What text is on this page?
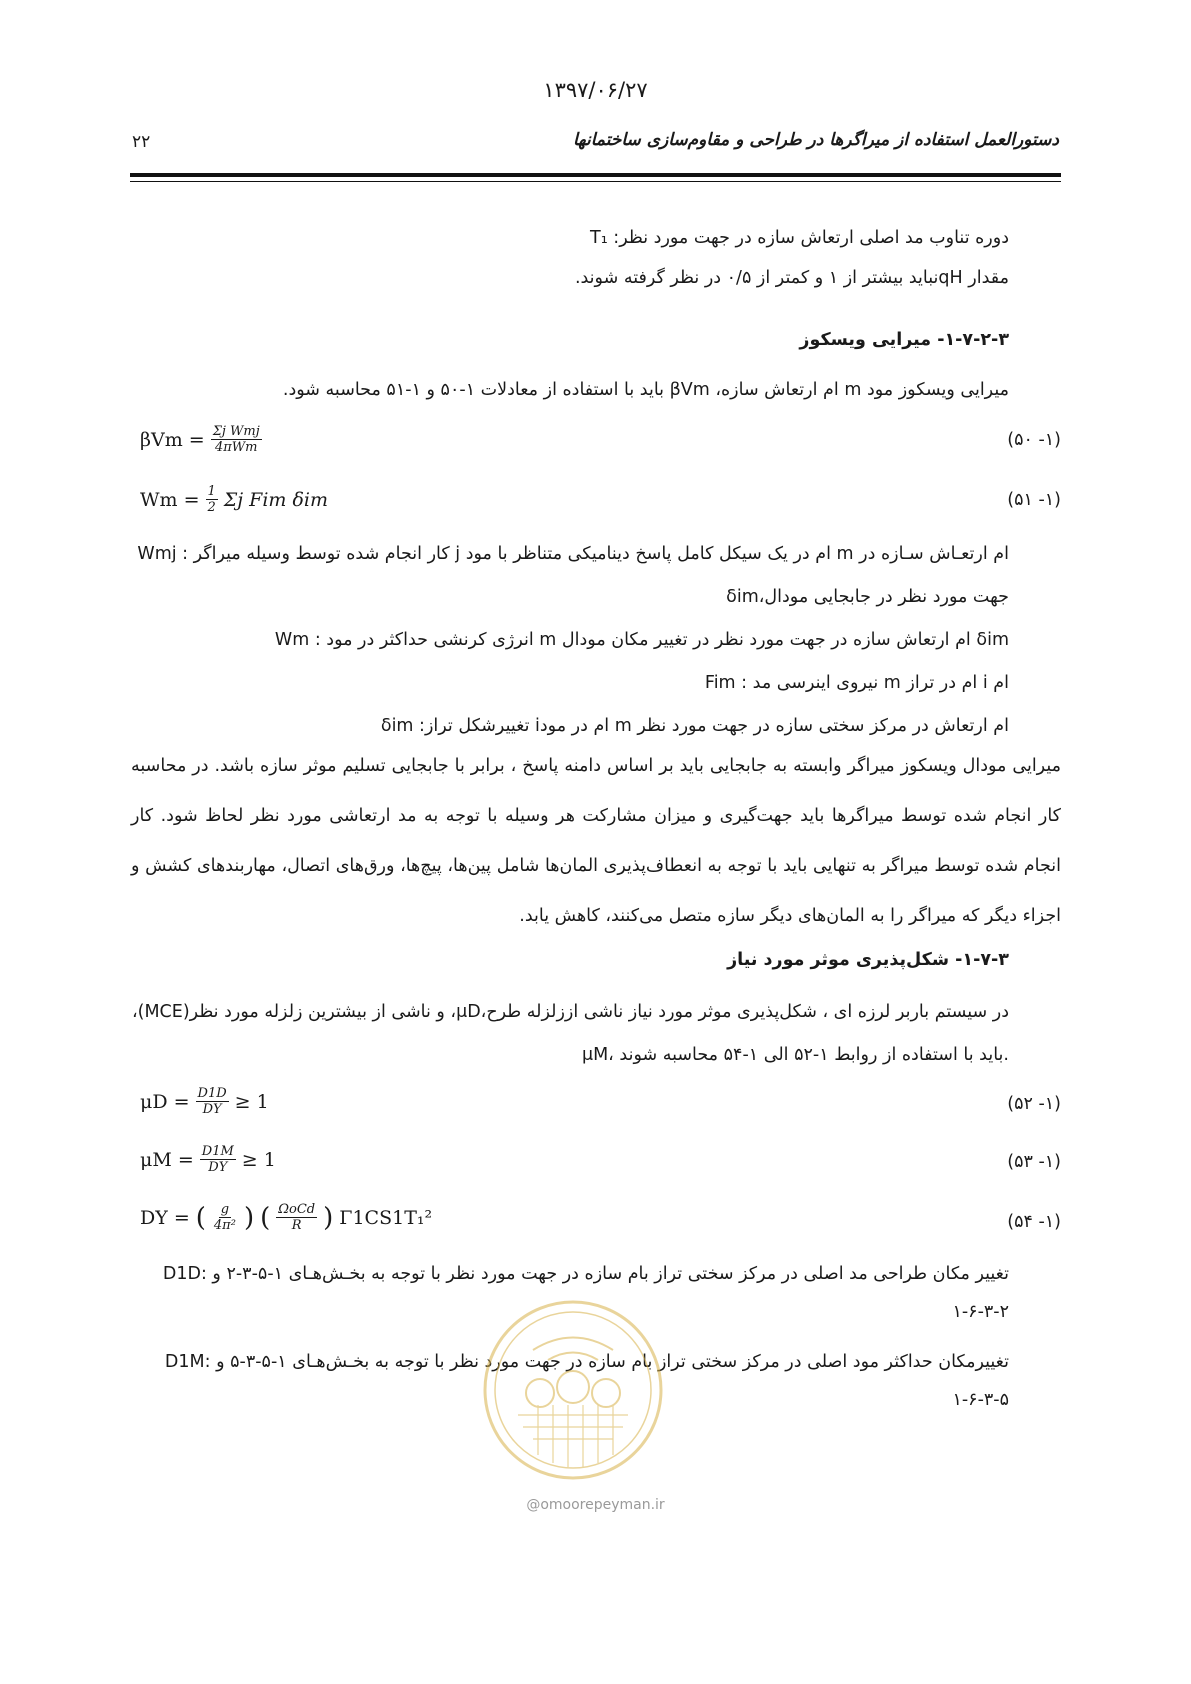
۱۳۹۷/۰۶/۲۷
۲۲	دستورالعمل استفاده از میراگرها در طراحی و مقاوم‌سازی ساختمانها
T₁ :دوره تناوب مد اصلی ارتعاش سازه در جهت مورد نظر
مقدار qHنباید بیشتر از ۱ و کمتر از ۰/۵ در نظر گرفته شوند.
۱-۷-۲-۳- میرایی ویسکوز
میرایی ویسکوز مود m ام ارتعاش سازه، βVm باید با استفاده از معادلات ۱-۵۰ و ۱-۵۱ محاسبه شود.
$\beta Vm = \frac{\text{Σj Wmj}}{\text{4πWm}}$	(۱- ۵۰)
$Wm = \frac{1}{2}$ Σj Fim δim	(۱- ۵۱)
Wmj : کار انجام شده توسط وسیله میراگر j ام در یک سیکل کامل پاسخ دینامیکی متناظر با مود m ام ارتعـاش سـازه در
جهت مورد نظر در جابجایی مودال،δim
Wm : انرژی کرنشی حداکثر در مود m ام ارتعاش سازه در جهت مورد نظر در تغییر مکان مودال δim
Fim : نیروی اینرسی مد m ام در تراز i ام
δim :تغییرشکل تراز iام در مود m ام ارتعاش در مرکز سختی سازه در جهت مورد نظر
میرایی مودال ویسکوز میراگر وابسته به جابجایی باید بر اساس دامنه پاسخ ، برابر با جابجایی تسلیم موثر سازه باشد. در محاسبه کار انجام شده توسط میراگرها باید جهت‌گیری و میزان مشارکت هر وسیله با توجه به مد ارتعاشی مورد نظر لحاظ شود. کار انجام شده توسط میراگر به تنهایی باید با توجه به انعطاف‌پذیری المان‌ها شامل پین‌ها، پیچ‌ها، ورق‌های اتصال، مهاربندهای کشش و اجزاء دیگر که میراگر را به المان‌های دیگر سازه متصل می‌کنند، کاهش یابد.
۱-۷-۳- شکل‌پذیری موثر مورد نیاز
در سیستم باربر لرزه ای ، شکل‌پذیری موثر مورد نیاز ناشی اززلزله طرح،μD، و ناشی از بیشترین زلزله مورد نظر(MCE)،
μM، باید با استفاده از روابط ۱-۵۲ الی ۱-۵۴ محاسبه شوند.
$\mu D = \frac{D1D}{DY} \ge 1$	(۱- ۵۲)
$\mu M = \frac{D1M}{DY} \ge 1$	(۱- ۵۳)
DY = ( $\frac{g}{\text{4π²}}$ ) ( $\frac{\text{ΩoCd}}{R}$ ) Γ1CS1T₁²	(۱- ۵۴)
D1D: تغییر مکان طراحی مد اصلی در مرکز سختی تراز بام سازه در جهت مورد نظر با توجه به بخـش‌هـای ۱-۵-۳-۲ و
۱-۶-۳-۲
D1M: تغییرمکان حداکثر مود اصلی در مرکز سختی تراز بام سازه در جهت مورد نظر با توجه به بخـش‌هـای ۱-۵-۳-۵ و
۱-۶-۳-۵
@omoorepeyman.ir
